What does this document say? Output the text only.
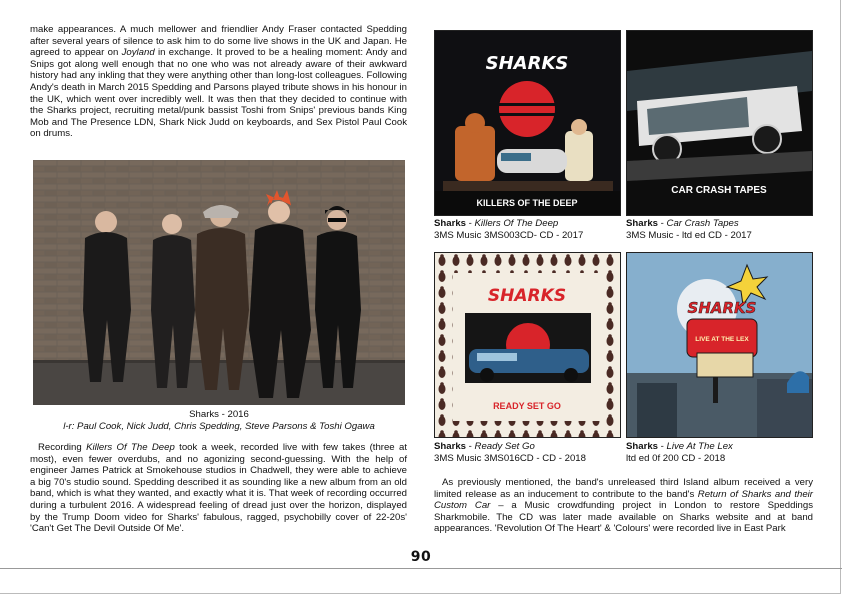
make appearances. A much mellower and friendlier Andy Fraser contacted Spedding after several years of silence to ask him to do some live shows in the UK and Japan. He agreed to appear on Joyland in exchange. It proved to be a healing moment: Andy and Snips got along well enough that no one who was not already aware of their awkward history had any inkling that they were anything other than long-lost colleagues. Following Andy's death in March 2015 Spedding and Parsons played tribute shows in his honour in the UK, which went over incredibly well. It was then that they decided to continue with the Sharks project, recruiting metal/punk bassist Toshi from Snips' previous bands King Mob and The Presence LDN, Shark Nick Judd on keyboards, and Sex Pistol Paul Cook on drums.

Sharks - 2016
l-r: Paul Cook, Nick Judd, Chris Spedding, Steve Parsons & Toshi Ogawa

Recording Killers Of The Deep took a week, recorded live with few takes (three at most), even fewer overdubs, and no agonizing second-guessing. With the help of engineer James Patrick at Smokehouse studios in Chadwell, they were able to achieve a big 70's studio sound. Spedding described it as sounding like a new album from an old band, which is what they wanted, and exactly what it is. That week of recording occurred during a turbulent 2016. A widespread feeling of dread just over the horizon, displayed by the Trump Doom video for Sharks' fabulous, ragged, psychobilly cover of 22-20s' 'Can't Get The Devil Outside Of Me'.

KILLERS OF THE DEEP
SHARKS
Sharks - Killers Of The Deep
3MS Music 3MS003CD- CD - 2017
CAR CRASH TAPES
Sharks - Car Crash Tapes
3MS Music - ltd ed CD - 2017
SHARKS
READY SET GO
Sharks - Ready Set Go
3MS Music 3MS016CD - CD - 2018
SHARKS
LIVE AT THE LEX
Sharks - Live At The Lex
ltd ed 0f 200 CD - 2018

As previously mentioned, the band's unreleased third Island album received a very limited release as an inducement to contribute to the band's Return of Sharks and their Custom Car – a Music crowdfunding project in London to restore Speddings Sharkmobile. The CD was later made available on Sharks website and at band appearances. 'Revolution Of The Heart' & 'Colours' were recorded live in East Park

90
